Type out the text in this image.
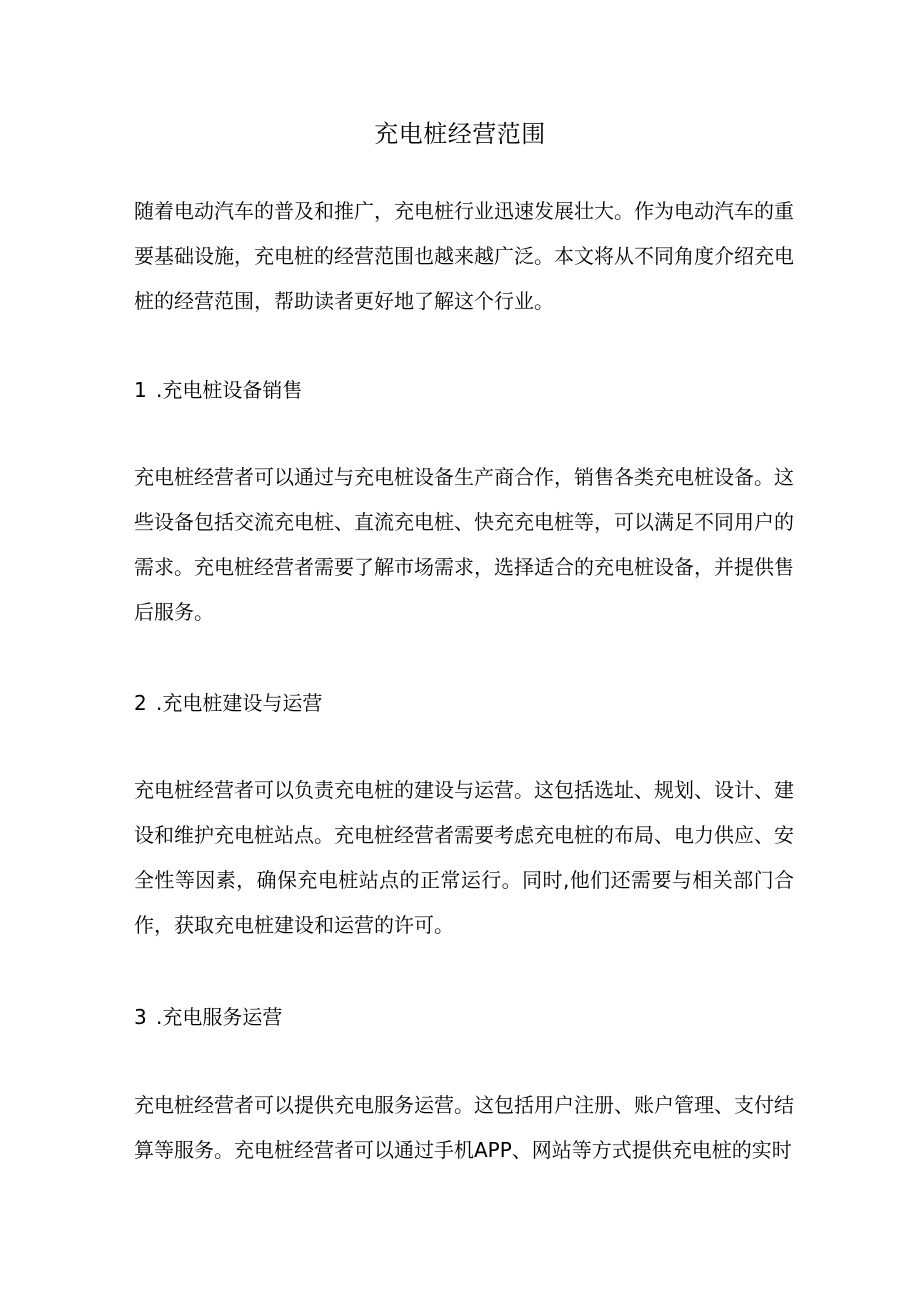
充电桩经营范围

随着电动汽车的普及和推广，充电桩行业迅速发展壮大。作为电动汽车的重要基础设施，充电桩的经营范围也越来越广泛。本文将从不同角度介绍充电桩的经营范围，帮助读者更好地了解这个行业。

1 .充电桩设备销售

充电桩经营者可以通过与充电桩设备生产商合作，销售各类充电桩设备。这些设备包括交流充电桩、直流充电桩、快充充电桩等，可以满足不同用户的需求。充电桩经营者需要了解市场需求，选择适合的充电桩设备，并提供售后服务。

2 .充电桩建设与运营

充电桩经营者可以负责充电桩的建设与运营。这包括选址、规划、设计、建设和维护充电桩站点。充电桩经营者需要考虑充电桩的布局、电力供应、安全性等因素，确保充电桩站点的正常运行。同时,他们还需要与相关部门合作，获取充电桩建设和运营的许可。

3 .充电服务运营

充电桩经营者可以提供充电服务运营。这包括用户注册、账户管理、支付结算等服务。充电桩经营者可以通过手机APP、网站等方式提供充电桩的实时
